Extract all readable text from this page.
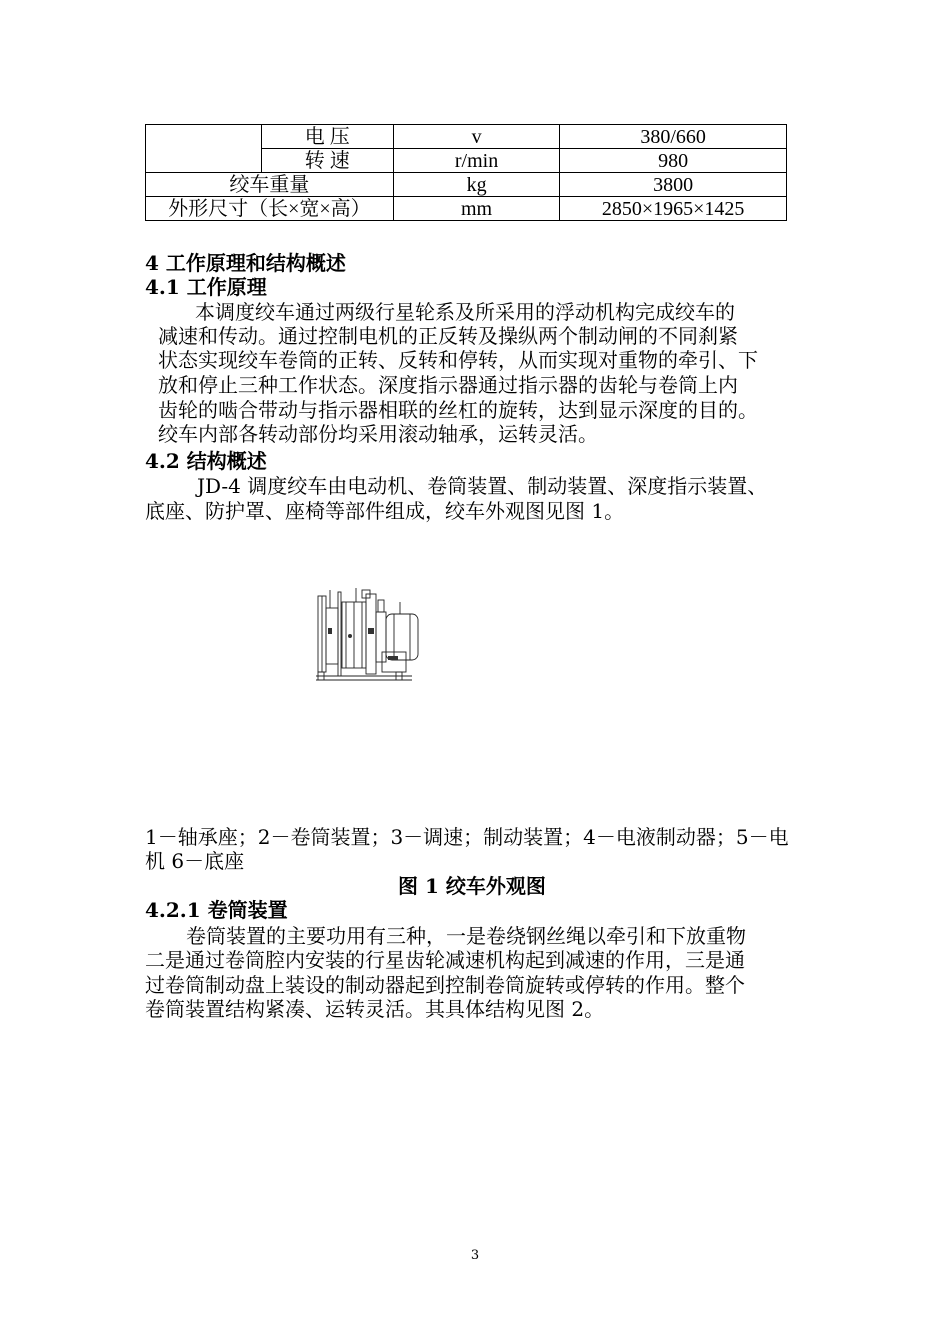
	电 压	v	380/660
	转 速	r/min	980
绞车重量		kg	3800
外形尺寸（长×宽×高）		mm	2850×1965×1425
4 工作原理和结构概述
4.1 工作原理
本调度绞车通过两级行星轮系及所采用的浮动机构完成绞车的
减速和传动。通过控制电机的正反转及操纵两个制动闸的不同刹紧
状态实现绞车卷筒的正转、反转和停转，从而实现对重物的牵引、下
放和停止三种工作状态。深度指示器通过指示器的齿轮与卷筒上内
齿轮的啮合带动与指示器相联的丝杠的旋转，达到显示深度的目的。
绞车内部各转动部份均采用滚动轴承，运转灵活。
4.2 结构概述
JD-4 调度绞车由电动机、卷筒装置、制动装置、深度指示装置、
底座、防护罩、座椅等部件组成，绞车外观图见图 1。
1－轴承座；2－卷筒装置；3－调速；制动装置；4－电液制动器；5－电
机 6－底座
图 1 绞车外观图
4.2.1 卷筒装置
卷筒装置的主要功用有三种，一是卷绕钢丝绳以牵引和下放重物
二是通过卷筒腔内安装的行星齿轮减速机构起到减速的作用，三是通
过卷筒制动盘上装设的制动器起到控制卷筒旋转或停转的作用。整个
卷筒装置结构紧凑、运转灵活。其具体结构见图 2。
3
